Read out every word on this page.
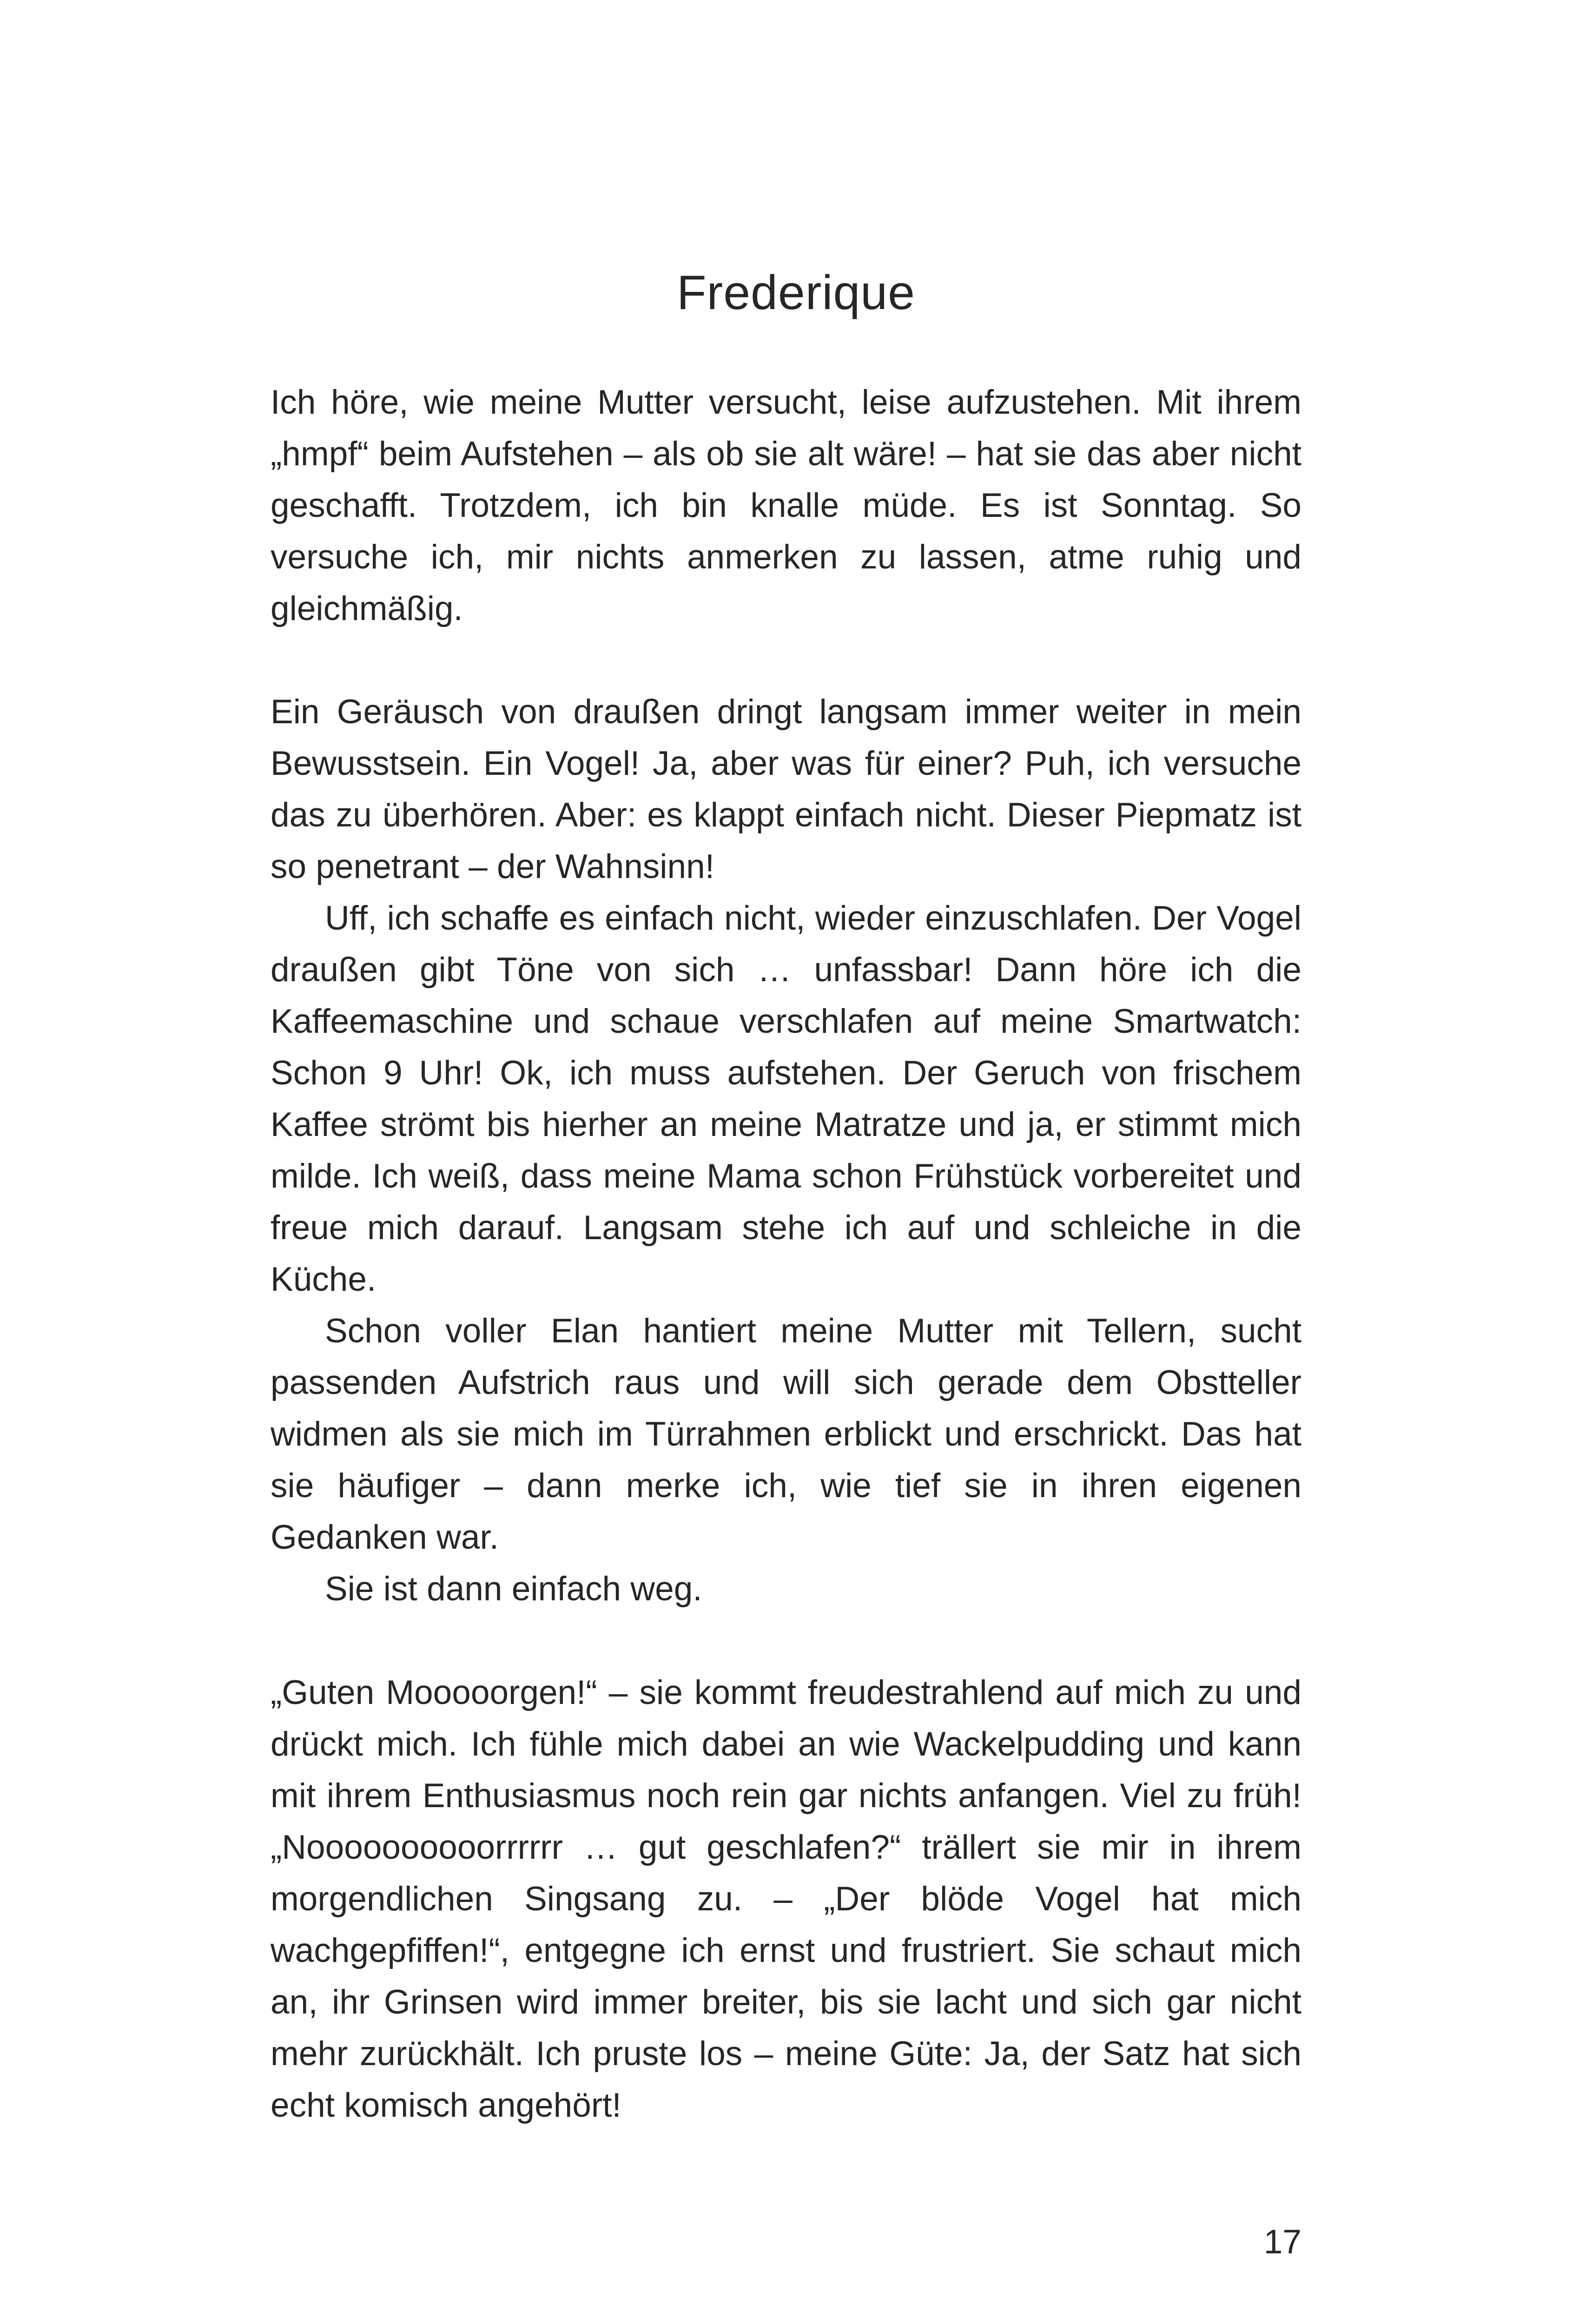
Frederique

Ich höre, wie meine Mutter versucht, leise aufzustehen. Mit ihrem „hmpf“ beim Aufstehen – als ob sie alt wäre! – hat sie das aber nicht geschafft. Trotzdem, ich bin knalle müde. Es ist Sonntag. So versuche ich, mir nichts anmerken zu lassen, atme ruhig und gleichmäßig.

Ein Geräusch von draußen dringt langsam immer weiter in mein Bewusstsein. Ein Vogel! Ja, aber was für einer? Puh, ich versuche das zu überhören. Aber: es klappt einfach nicht. Dieser Piepmatz ist so penetrant – der Wahnsinn!

Uff, ich schaffe es einfach nicht, wieder einzuschlafen. Der Vogel draußen gibt Töne von sich … unfassbar! Dann höre ich die Kaffeemaschine und schaue verschlafen auf meine Smartwatch: Schon 9 Uhr! Ok, ich muss aufstehen. Der Geruch von frischem Kaffee strömt bis hierher an meine Matratze und ja, er stimmt mich milde. Ich weiß, dass meine Mama schon Frühstück vorbereitet und freue mich darauf. Langsam stehe ich auf und schleiche in die Küche.

Schon voller Elan hantiert meine Mutter mit Tellern, sucht passenden Aufstrich raus und will sich gerade dem Obstteller widmen als sie mich im Türrahmen erblickt und erschrickt. Das hat sie häufiger – dann merke ich, wie tief sie in ihren eigenen Gedanken war.

Sie ist dann einfach weg.

„Guten Mooooorgen!“ – sie kommt freudestrahlend auf mich zu und drückt mich. Ich fühle mich dabei an wie Wackelpudding und kann mit ihrem Enthusiasmus noch rein gar nichts anfangen. Viel zu früh! „Noooooooooorrrrrr … gut geschlafen?“ trällert sie mir in ihrem morgendlichen Singsang zu. – „Der blöde Vogel hat mich wachgepfiffen!“, entgegne ich ernst und frustriert. Sie schaut mich an, ihr Grinsen wird immer breiter, bis sie lacht und sich gar nicht mehr zurückhält. Ich pruste los – meine Güte: Ja, der Satz hat sich echt komisch angehört!

17
